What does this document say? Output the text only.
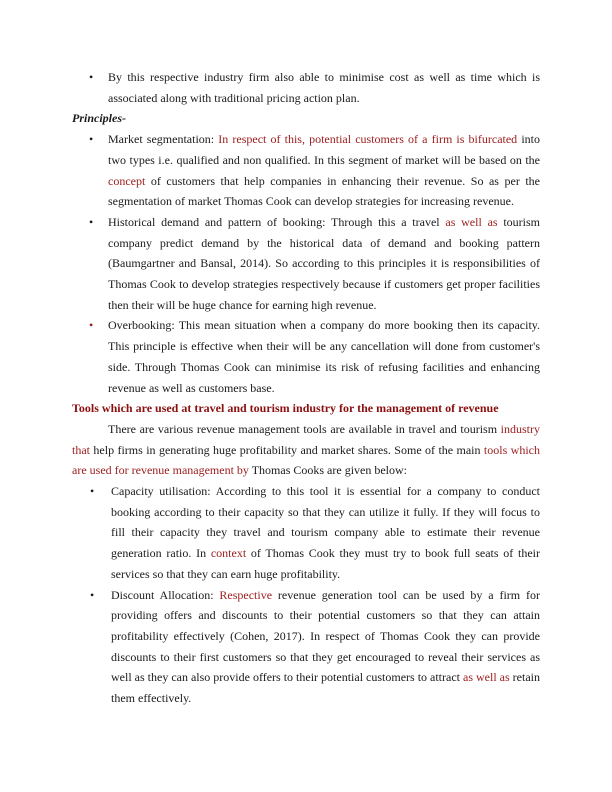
• By this respective industry firm also able to minimise cost as well as time which is associated along with traditional pricing action plan.

Principles-

• Market segmentation: In respect of this, potential customers of a firm is bifurcated into two types i.e. qualified and non qualified. In this segment of market will be based on the concept of customers that help companies in enhancing their revenue. So as per the segmentation of market Thomas Cook can develop strategies for increasing revenue.
• Historical demand and pattern of booking: Through this a travel as well as tourism company predict demand by the historical data of demand and booking pattern (Baumgartner and Bansal, 2014). So according to this principles it is responsibilities of Thomas Cook to develop strategies respectively because if customers get proper facilities then their will be huge chance for earning high revenue.
• Overbooking: This mean situation when a company do more booking then its capacity. This principle is effective when their will be any cancellation will done from customer's side. Through Thomas Cook can minimise its risk of refusing facilities and enhancing revenue as well as customers base.

Tools which are used at travel and tourism industry for the management of revenue

There are various revenue management tools are available in travel and tourism industry that help firms in generating huge profitability and market shares. Some of the main tools which are used for revenue management by Thomas Cooks are given below:

• Capacity utilisation: According to this tool it is essential for a company to conduct booking according to their capacity so that they can utilize it fully. If they will focus to fill their capacity they travel and tourism company able to estimate their revenue generation ratio. In context of Thomas Cook they must try to book full seats of their services so that they can earn huge profitability.
• Discount Allocation: Respective revenue generation tool can be used by a firm for providing offers and discounts to their potential customers so that they can attain profitability effectively (Cohen, 2017). In respect of Thomas Cook they can provide discounts to their first customers so that they get encouraged to reveal their services as well as they can also provide offers to their potential customers to attract as well as retain them effectively.
